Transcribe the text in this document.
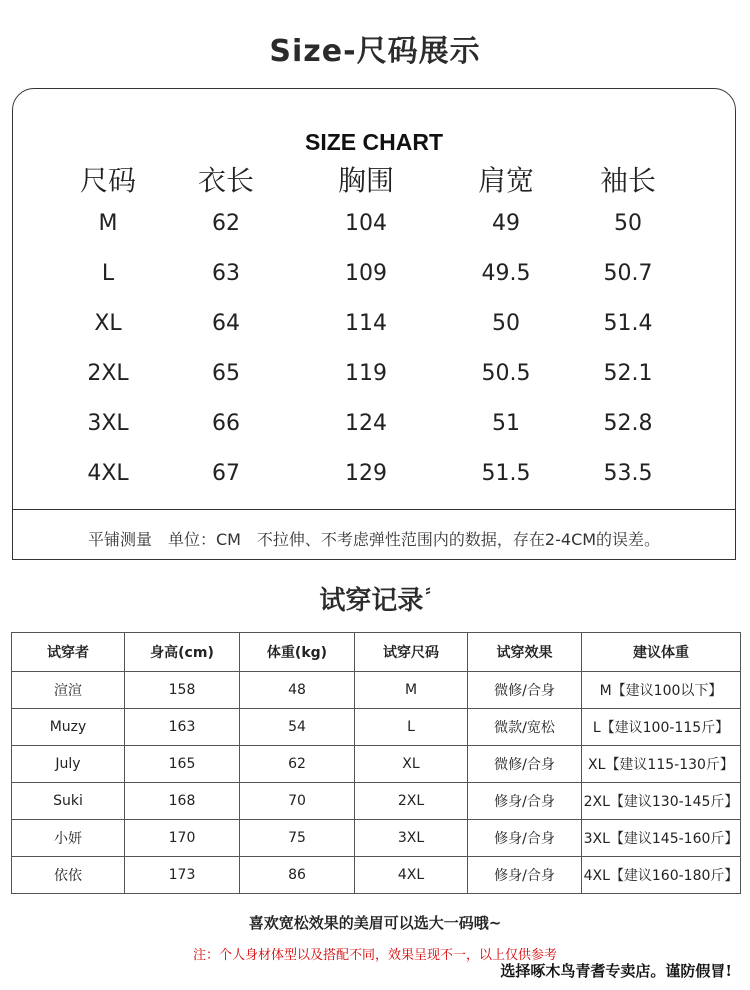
Size-尺码展示
SIZE CHART
尺码	衣长	胸围	肩宽	袖长
M	62	104	49	50
L	63	109	49.5	50.7
XL	64	114	50	51.4
2XL	65	119	50.5	52.1
3XL	66	124	51	52.8
4XL	67	129	51.5	53.5
平铺测量　单位：CM　不拉伸、不考虑弹性范围内的数据，存在2-4CM的误差。
试穿记录 ⸗
试穿者	身高(cm)	体重(kg)	试穿尺码	试穿效果	建议体重
渲渲	158	48	M	微修/合身	M【建议100以下】
Muzy	163	54	L	微款/宽松	L【建议100-115斤】
July	165	62	XL	微修/合身	XL【建议115-130斤】
Suki	168	70	2XL	修身/合身	2XL【建议130-145斤】
小妍	170	75	3XL	修身/合身	3XL【建议145-160斤】
依依	173	86	4XL	修身/合身	4XL【建议160-180斤】
喜欢宽松效果的美眉可以选大一码哦~
注：个人身材体型以及搭配不同，效果呈现不一，以上仅供参考
选择啄木鸟青耆专卖店。谨防假冒!
